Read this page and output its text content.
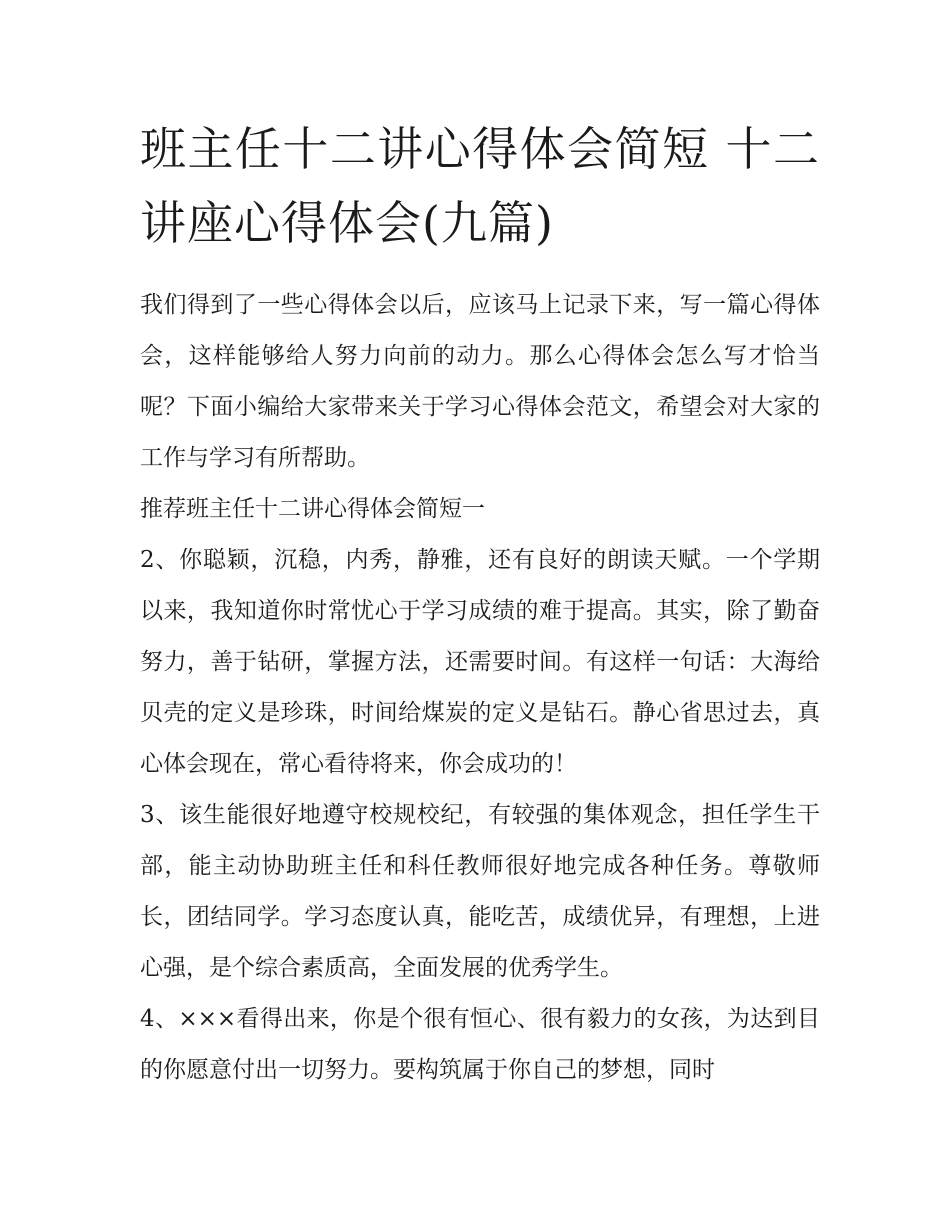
班主任十二讲心得体会简短 十二讲座心得体会(九篇)

我们得到了一些心得体会以后，应该马上记录下来，写一篇心得体会，这样能够给人努力向前的动力。那么心得体会怎么写才恰当呢？下面小编给大家带来关于学习心得体会范文，希望会对大家的工作与学习有所帮助。

推荐班主任十二讲心得体会简短一

2、你聪颖，沉稳，内秀，静雅，还有良好的朗读天赋。一个学期以来，我知道你时常忧心于学习成绩的难于提高。其实，除了勤奋努力，善于钻研，掌握方法，还需要时间。有这样一句话：大海给贝壳的定义是珍珠，时间给煤炭的定义是钻石。静心省思过去，真心体会现在，常心看待将来，你会成功的！

3、该生能很好地遵守校规校纪，有较强的集体观念，担任学生干部，能主动协助班主任和科任教师很好地完成各种任务。尊敬师长，团结同学。学习态度认真，能吃苦，成绩优异，有理想，上进心强，是个综合素质高，全面发展的优秀学生。

4、×××看得出来，你是个很有恒心、很有毅力的女孩，为达到目的你愿意付出一切努力。要构筑属于你自己的梦想，同时
